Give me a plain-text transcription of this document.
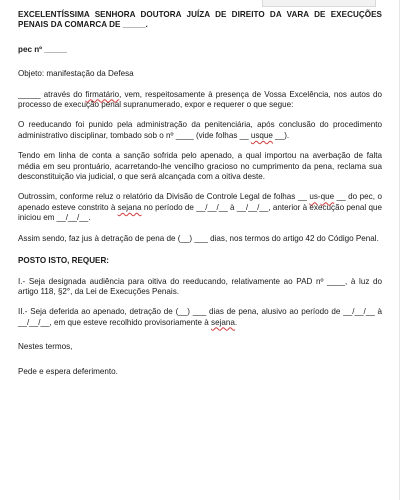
EXCELENTÍSSIMA SENHORA DOUTORA JUÍZA DE DIREITO DA VARA DE EXECUÇÕES PENAIS DA COMARCA DE _____.

pec nº _____

Objeto: manifestação da Defesa

_____ através do firmatário, vem, respeitosamente à presença de Vossa Excelência, nos autos do processo de execução penal supranumerado, expor e requerer o que segue:

O reeducando foi punido pela administração da penitenciária, após conclusão do procedimento administrativo disciplinar, tombado sob o nº ____ (vide folhas __ usque __).

Tendo em linha de conta a sanção sofrida pelo apenado, a qual importou na averbação de falta média em seu prontuário, acarretando-lhe vencilho gracioso no cumprimento da pena, reclama sua desconstituição via judicial, o que será alcançada com a oitiva deste.

Outrossim, conforme reluz o relatório da Divisão de Controle Legal de folhas __ us-que __ do pec, o apenado esteve constrito à sejana no período de __/__/__ à __/__/__, anterior à execução penal que iniciou em __/__/__.

Assim sendo, faz jus à detração de pena de (__) ___ dias, nos termos do artigo 42 do Código Penal.

POSTO ISTO, REQUER:

I.- Seja designada audiência para oitiva do reeducando, relativamente ao PAD nº ____, à luz do artigo 118, §2°, da Lei de Execuções Penais.

II.- Seja deferida ao apenado, detração de (__) ___ dias de pena, alusivo ao período de __/__/__ à __/__/__, em que esteve recolhido provisoriamente à sejana.

Nestes termos,

Pede e espera deferimento.
